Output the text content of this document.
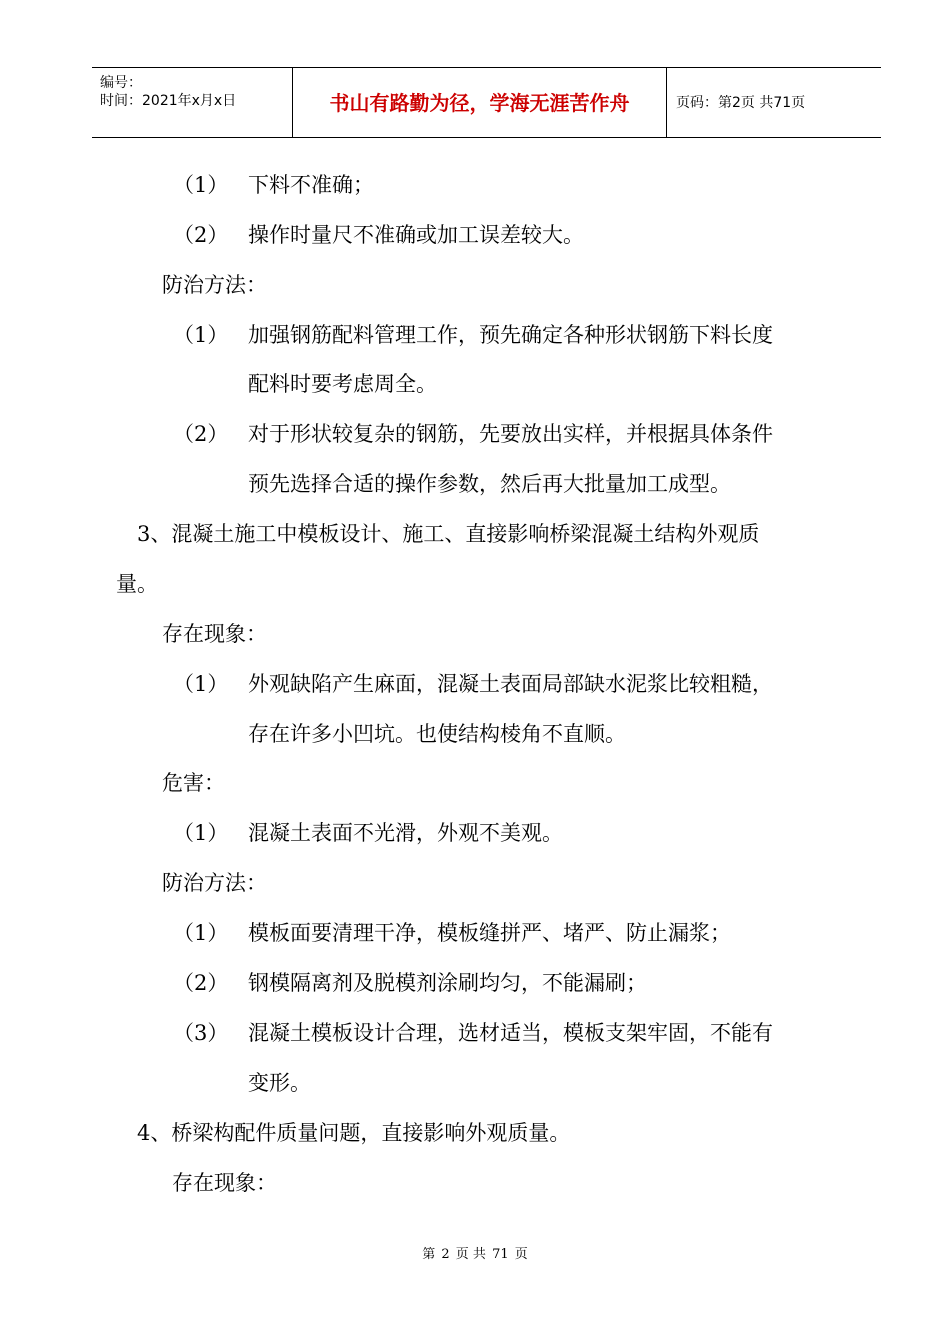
编号：
时间：2021年x月x日	书山有路勤为径，学海无涯苦作舟	页码：第2页 共71页
（1） 下料不准确；
（2） 操作时量尺不准确或加工误差较大。
防治方法：
（1） 加强钢筋配料管理工作，预先确定各种形状钢筋下料长度
配料时要考虑周全。
（2） 对于形状较复杂的钢筋，先要放出实样，并根据具体条件
预先选择合适的操作参数，然后再大批量加工成型。
3、混凝土施工中模板设计、施工、直接影响桥梁混凝土结构外观质
量。
存在现象：
（1） 外观缺陷产生麻面，混凝土表面局部缺水泥浆比较粗糙，
存在许多小凹坑。也使结构棱角不直顺。
危害：
（1） 混凝土表面不光滑，外观不美观。
防治方法：
（1） 模板面要清理干净，模板缝拼严、堵严、防止漏浆；
（2） 钢模隔离剂及脱模剂涂刷均匀，不能漏刷；
（3） 混凝土模板设计合理，选材适当，模板支架牢固，不能有
变形。
4、桥梁构配件质量问题，直接影响外观质量。
存在现象：
第 2 页 共 71 页
